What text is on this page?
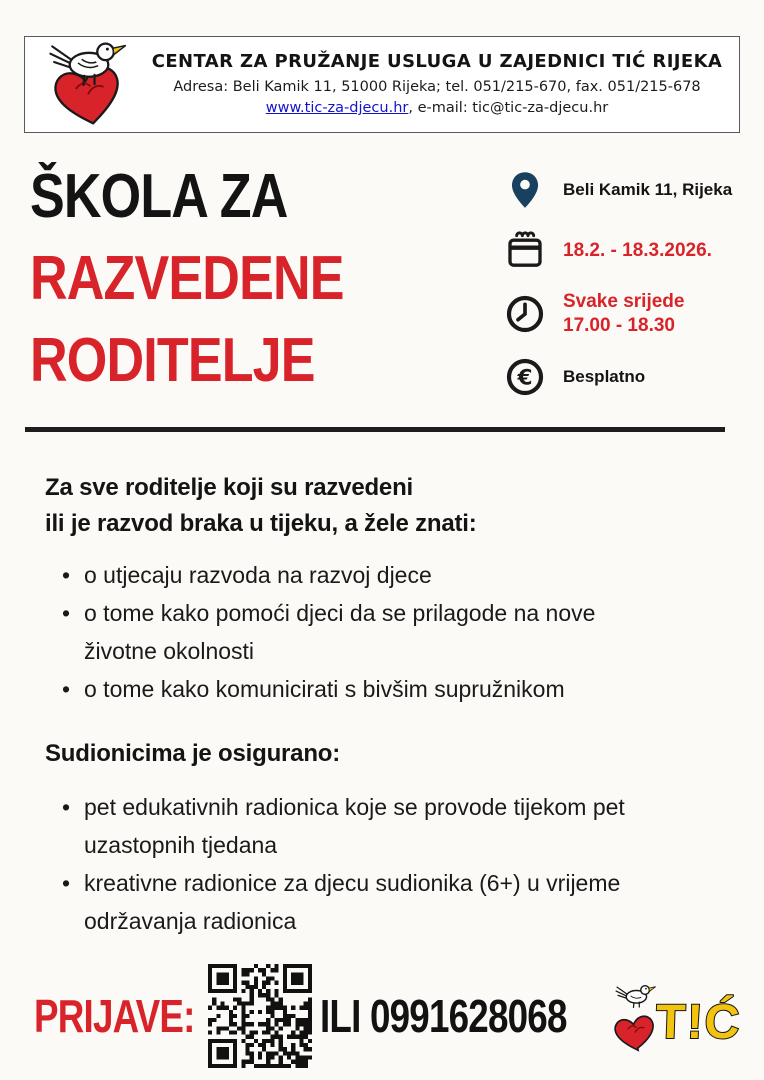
CENTAR ZA PRUŽANJE USLUGA U ZAJEDNICI TIĆ RIJEKA
Adresa: Beli Kamik 11, 51000 Rijeka; tel. 051/215-670, fax. 051/215-678
www.tic-za-djecu.hr, e-mail: tic@tic-za-djecu.hr
ŠKOLA ZA
RAZVEDENE
RODITELJE
Beli Kamik 11, Rijeka
18.2. - 18.3.2026.
Svake srijede
17.00 - 18.30
€ Besplatno
Za sve roditelje koji su razvedeni
ili je razvod braka u tijeku, a žele znati:
• o utjecaju razvoda na razvoj djece
• o tome kako pomoći djeci da se prilagode na nove životne okolnosti
• o tome kako komunicirati s bivšim supružnikom
Sudionicima je osigurano:
• pet edukativnih radionica koje se provode tijekom pet uzastopnih tjedana
• kreativne radionice za djecu sudionika (6+) u vrijeme održavanja radionica
PRIJAVE:	ILI 0991628068 T!Ć
